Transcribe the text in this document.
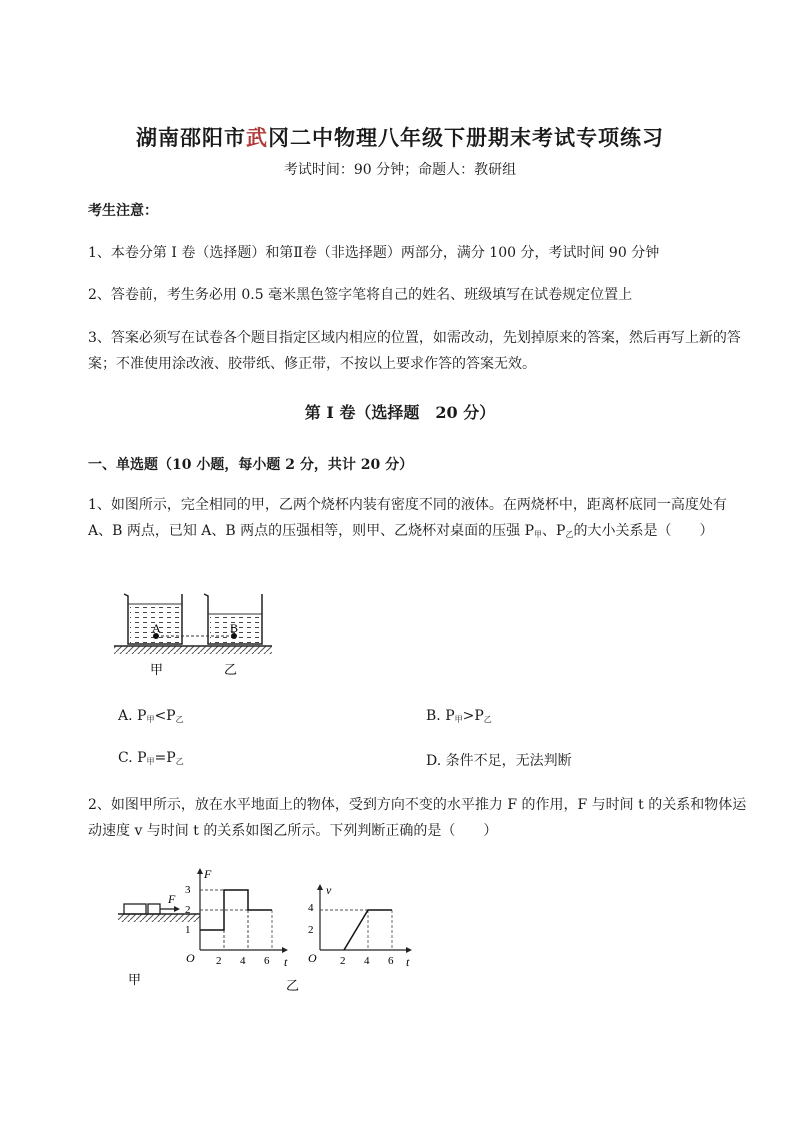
湖南邵阳市武冈二中物理八年级下册期末考试专项练习
考试时间：90 分钟；命题人：教研组
考生注意：
1、本卷分第 I 卷（选择题）和第Ⅱ卷（非选择题）两部分，满分 100 分，考试时间 90 分钟
2、答卷前，考生务必用 0.5 毫米黑色签字笔将自己的姓名、班级填写在试卷规定位置上
3、答案必须写在试卷各个题目指定区域内相应的位置，如需改动，先划掉原来的答案，然后再写上新的答案；不准使用涂改液、胶带纸、修正带，不按以上要求作答的答案无效。
第 I 卷（选择题　20 分）
一、单选题（10 小题，每小题 2 分，共计 20 分）
1、如图所示，完全相同的甲，乙两个烧杯内装有密度不同的液体。在两烧杯中，距离杯底同一高度处有 A、B 两点，已知 A、B 两点的压强相等，则甲、乙烧杯对桌面的压强 $P_甲$、$P_乙$的大小关系是（　　）
A	B
甲	乙
A. $P_甲<P_乙$	B. $P_甲>P_乙$
C. $P_甲=P_乙$	D. 条件不足，无法判断
2、如图甲所示，放在水平地面上的物体，受到方向不变的水平推力 F 的作用，F 与时间 t 的关系和物体运动速度 v 与时间 t 的关系如图乙所示。下列判断正确的是（　　）
F
甲
F
t
O
3
2
1
2 4 6
v
t
O
4
2
2 4 6
乙
